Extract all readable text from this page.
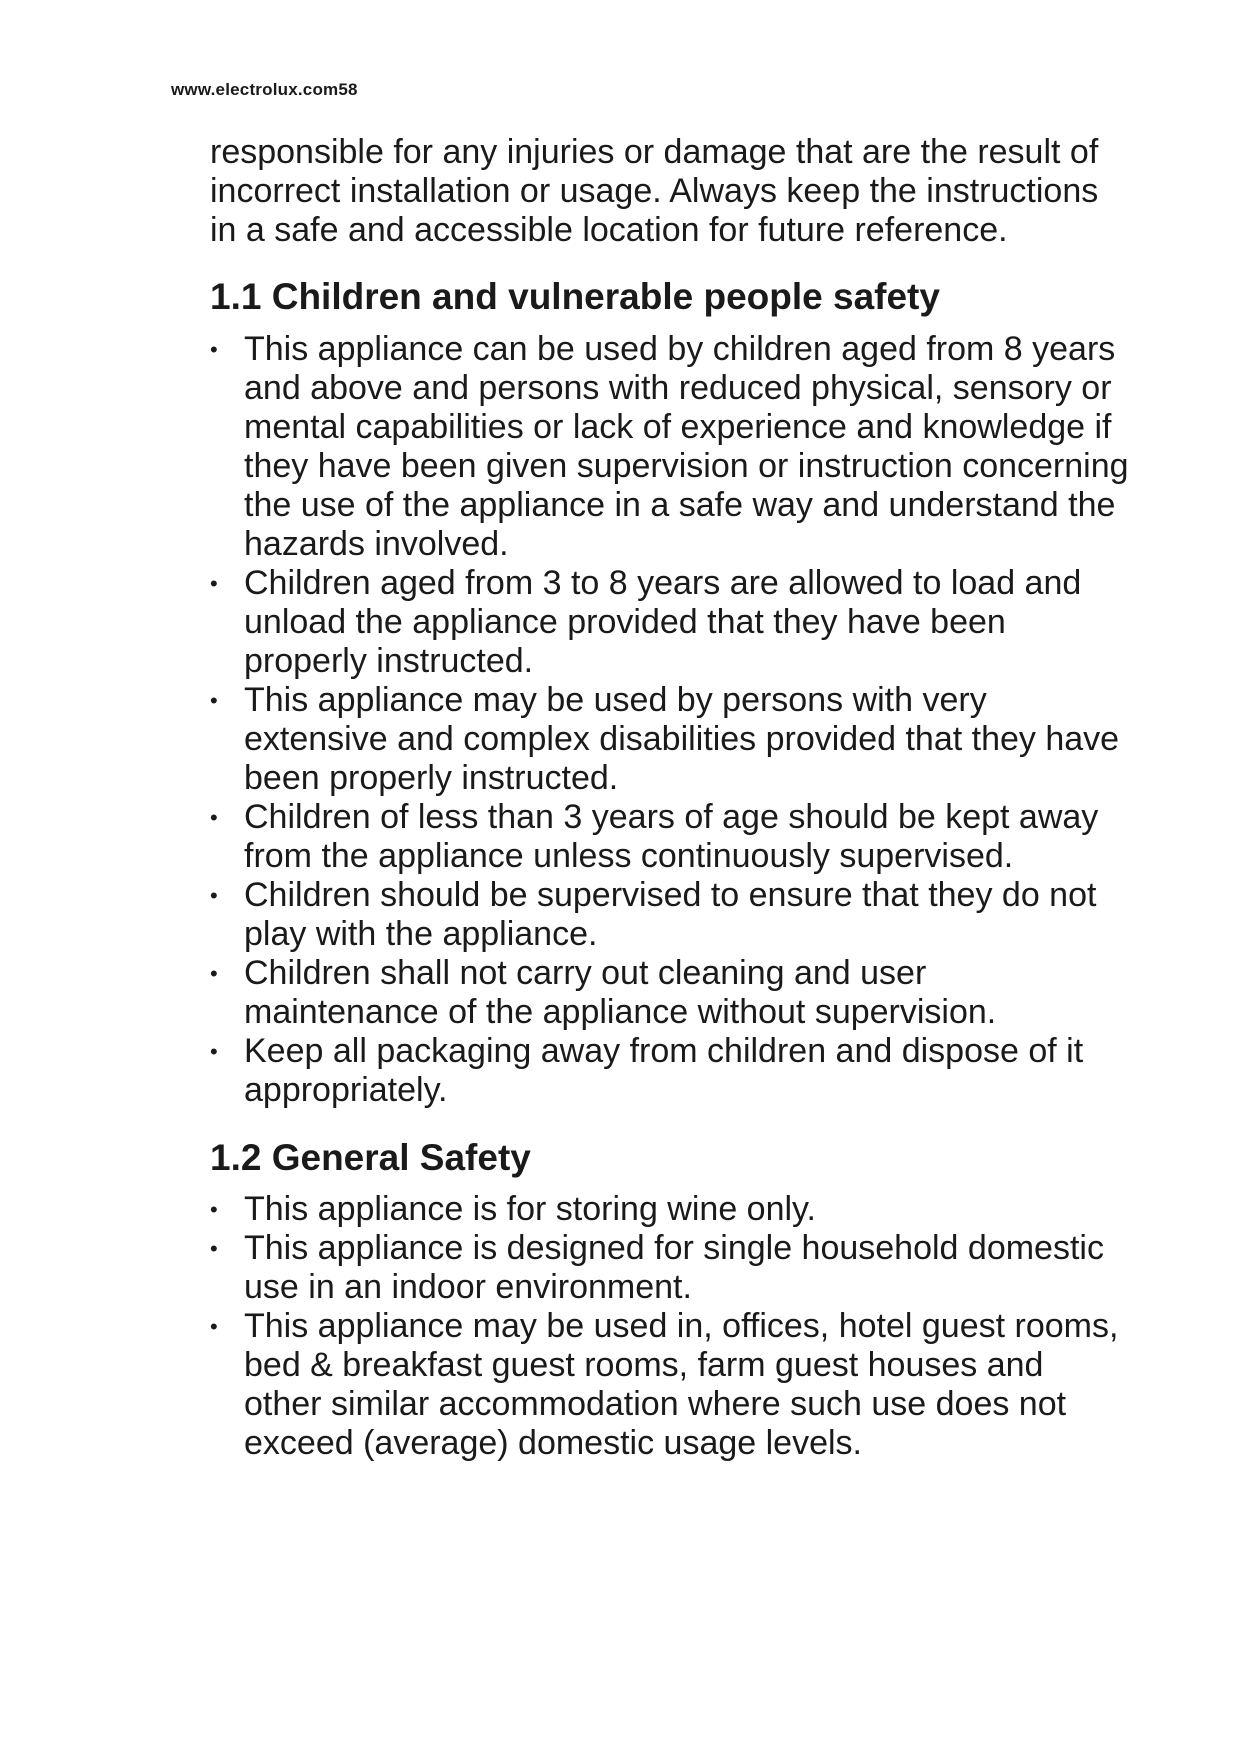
www.electrolux.com58

responsible for any injuries or damage that are the result of incorrect installation or usage. Always keep the instructions in a safe and accessible location for future reference.

1.1 Children and vulnerable people safety
• This appliance can be used by children aged from 8 years and above and persons with reduced physical, sensory or mental capabilities or lack of experience and knowledge if they have been given supervision or instruction concerning the use of the appliance in a safe way and understand the hazards involved.
• Children aged from 3 to 8 years are allowed to load and unload the appliance provided that they have been properly instructed.
• This appliance may be used by persons with very extensive and complex disabilities provided that they have been properly instructed.
• Children of less than 3 years of age should be kept away from the appliance unless continuously supervised.
• Children should be supervised to ensure that they do not play with the appliance.
• Children shall not carry out cleaning and user maintenance of the appliance without supervision.
• Keep all packaging away from children and dispose of it appropriately.
1.2 General Safety
• This appliance is for storing wine only.
• This appliance is designed for single household domestic use in an indoor environment.
• This appliance may be used in, offices, hotel guest rooms, bed & breakfast guest rooms, farm guest houses and other similar accommodation where such use does not exceed (average) domestic usage levels.
